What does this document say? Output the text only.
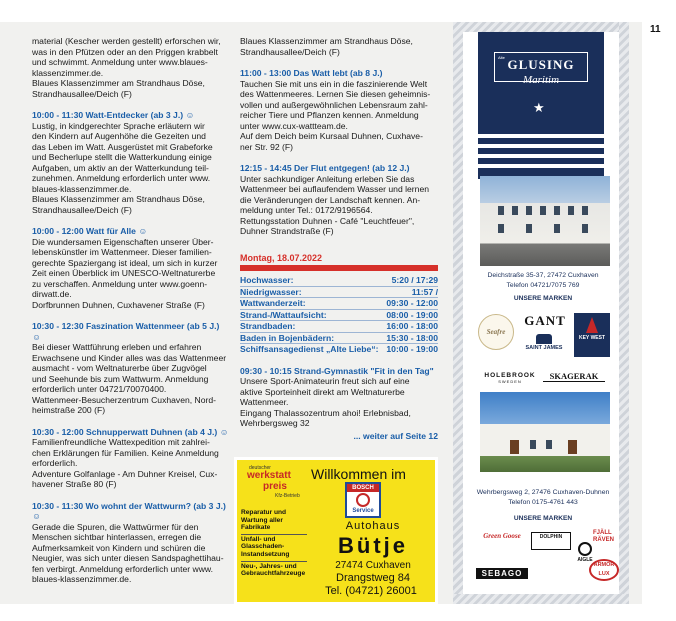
11
material (Kescher werden gestellt) erforschen wir,
was in den Pfützen oder an den Priggen krabbelt
und schwimmt. Anmeldung unter www.blaues-
klassenzimmer.de.
Blaues Klassenzimmer am Strandhaus Döse,
Strandhausallee/Deich (F)
10:00 - 11:30 Watt-Entdecker (ab 3 J.) ☺
Lustig, in kindgerechter Sprache erläutern wir
den Kindern auf Augenhöhe die Gezeiten und
das Leben im Watt. Ausgerüstet mit Grabeforke
und Becherlupe stellt die Watterkundung einige
Aufgaben, um aktiv an der Watterkundung teil-
zunehmen. Anmeldung erforderlich unter www.
blaues-klassenzimmer.de.
Blaues Klassenzimmer am Strandhaus Döse,
Strandhausallee/Deich (F)
10:00 - 12:00 Watt für Alle ☺
Die wundersamen Eigenschaften unserer Über-
lebenskünstler im Wattenmeer. Dieser familien-
gerechte Spaziergang ist ideal, um sich in kurzer
Zeit einen Überblick im UNESCO-Weltnaturerbe
zu verschaffen. Anmeldung unter www.goenn-
dirwatt.de.
Dorfbrunnen Duhnen, Cuxhavener Straße (F)
10:30 - 12:30 Faszination Wattenmeer (ab 5 J.) ☺
Bei dieser Wattführung erleben und erfahren
Erwachsene und Kinder alles was das Wattenmeer
ausmacht - vom Weltnaturerbe über Zugvögel
und Seehunde bis zum Wattwurm. Anmeldung
erforderlich unter 04721/70070400.
Wattenmeer-Besucherzentrum Cuxhaven, Nord-
heimstraße 200 (F)
10:30 - 12:00 Schnupperwatt Duhnen (ab 4 J.) ☺
Familienfreundliche Wattexpedition mit zahlrei-
chen Erklärungen für Familien. Keine Anmeldung
erforderlich.
Adventure Golfanlage - Am Duhner Kreisel, Cux-
havener Straße 80 (F)
10:30 - 11:30 Wo wohnt der Wattwurm? (ab 3 J.) ☺
Gerade die Spuren, die Wattwürmer für den
Menschen sichtbar hinterlassen, erregen die
Aufmerksamkeit von Kindern und schüren die
Neugier, was sich unter diesen Sandspaghettihau-
fen verbirgt. Anmeldung erforderlich unter www.
blaues-klassenzimmer.de.
Blaues Klassenzimmer am Strandhaus Döse,
Strandhausallee/Deich (F)
11:00 - 13:00 Das Watt lebt (ab 8 J.)
Tauchen Sie mit uns ein in die faszinierende Welt
des Wattenmeeres. Lernen Sie diesen geheimnis-
vollen und außergewöhnlichen Lebensraum zahl-
reicher Tiere und Pflanzen kennen. Anmeldung
unter www.cux-wattteam.de.
Auf dem Deich beim Kursaal Duhnen, Cuxhave-
ner Str. 92 (F)
12:15 - 14:45 Der Flut entgegen! (ab 12 J.)
Unter sachkundiger Anleitung erleben Sie das
Wattenmeer bei auflaufendem Wasser und lernen
die Veränderungen der Landschaft kennen. An-
meldung unter Tel.: 0172/9196564.
Rettungsstation Duhnen - Café "Leuchtfeuer",
Duhner Strandstraße (F)
Montag, 18.07.2022
Hochwasser:	5:20 / 17:29
Niedrigwasser:	11:57 /
Wattwanderzeit:	09:30 - 12:00
Strand-/Wattaufsicht:	08:00 - 19:00
Strandbaden:	16:00 - 18:00
Baden in Bojenbädern:	15:30 - 18:00
Schiffsansagedienst „Alte Liebe“:	10:00 - 19:00
09:30 - 10:15 Strand-Gymnastik "Fit in den Tag"
Unsere Sport-Animateurin freut sich auf eine
aktive Sporteinheit direkt am Weltnaturerbe
Wattenmeer.
Eingang Thalassozentrum ahoi! Erlebnisbad,
Wehrbergsweg 32
... weiter auf Seite 12
deutscher
werkstatt
preis
Kfz-Betrieb
Willkommen im
Reparatur und Wartung aller Fabrikate
Unfall- und Glasschaden-Instandsetzung
Neu-, Jahres- und Gebrauchtfahrzeuge
BOSCH
Service
Autohaus
Bütje
27474 Cuxhaven
Drangstweg 84
Tel. (04721) 26001
Alte GLUSING
Maritim
★
Deichstraße 35-37, 27472 Cuxhaven
Telefon 04721/7075 769
UNSERE MARKEN
Seafre
GANT
SAINT JAMES
KEY WEST
HOLEBROOK
SWEDEN
SKAGERAK
Wehrbergsweg 2, 27476 Cuxhaven-Duhnen
Telefon 0175-4761 443
UNSERE MARKEN
Green Goose	DOLPHIN
AIGLE
FJÄLL RÄVEN
SEBAGO
ARMOR LUX
